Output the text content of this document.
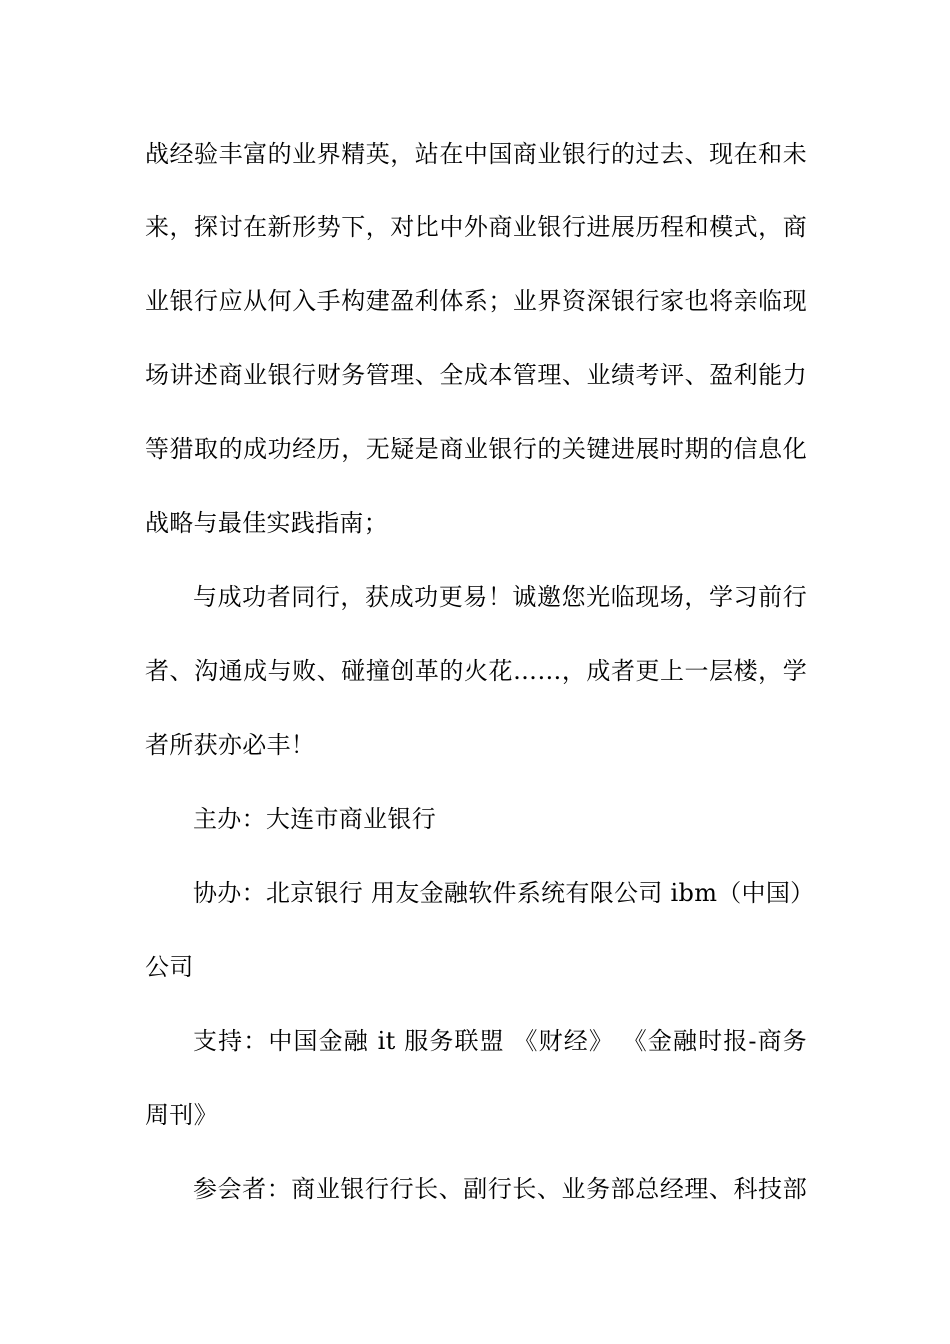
战经验丰富的业界精英，站在中国商业银行的过去、现在和未
来，探讨在新形势下，对比中外商业银行进展历程和模式，商
业银行应从何入手构建盈利体系；业界资深银行家也将亲临现
场讲述商业银行财务管理、全成本管理、业绩考评、盈利能力
等猎取的成功经历，无疑是商业银行的关键进展时期的信息化
战略与最佳实践指南；
与成功者同行，获成功更易！诚邀您光临现场，学习前行
者、沟通成与败、碰撞创革的火花……，成者更上一层楼，学
者所获亦必丰！
主办：大连市商业银行
协办：北京银行 用友金融软件系统有限公司 ibm（中国）
公司
支持：中国金融 it 服务联盟 《财经》 《金融时报-商务
周刊》
参会者：商业银行行长、副行长、业务部总经理、科技部
